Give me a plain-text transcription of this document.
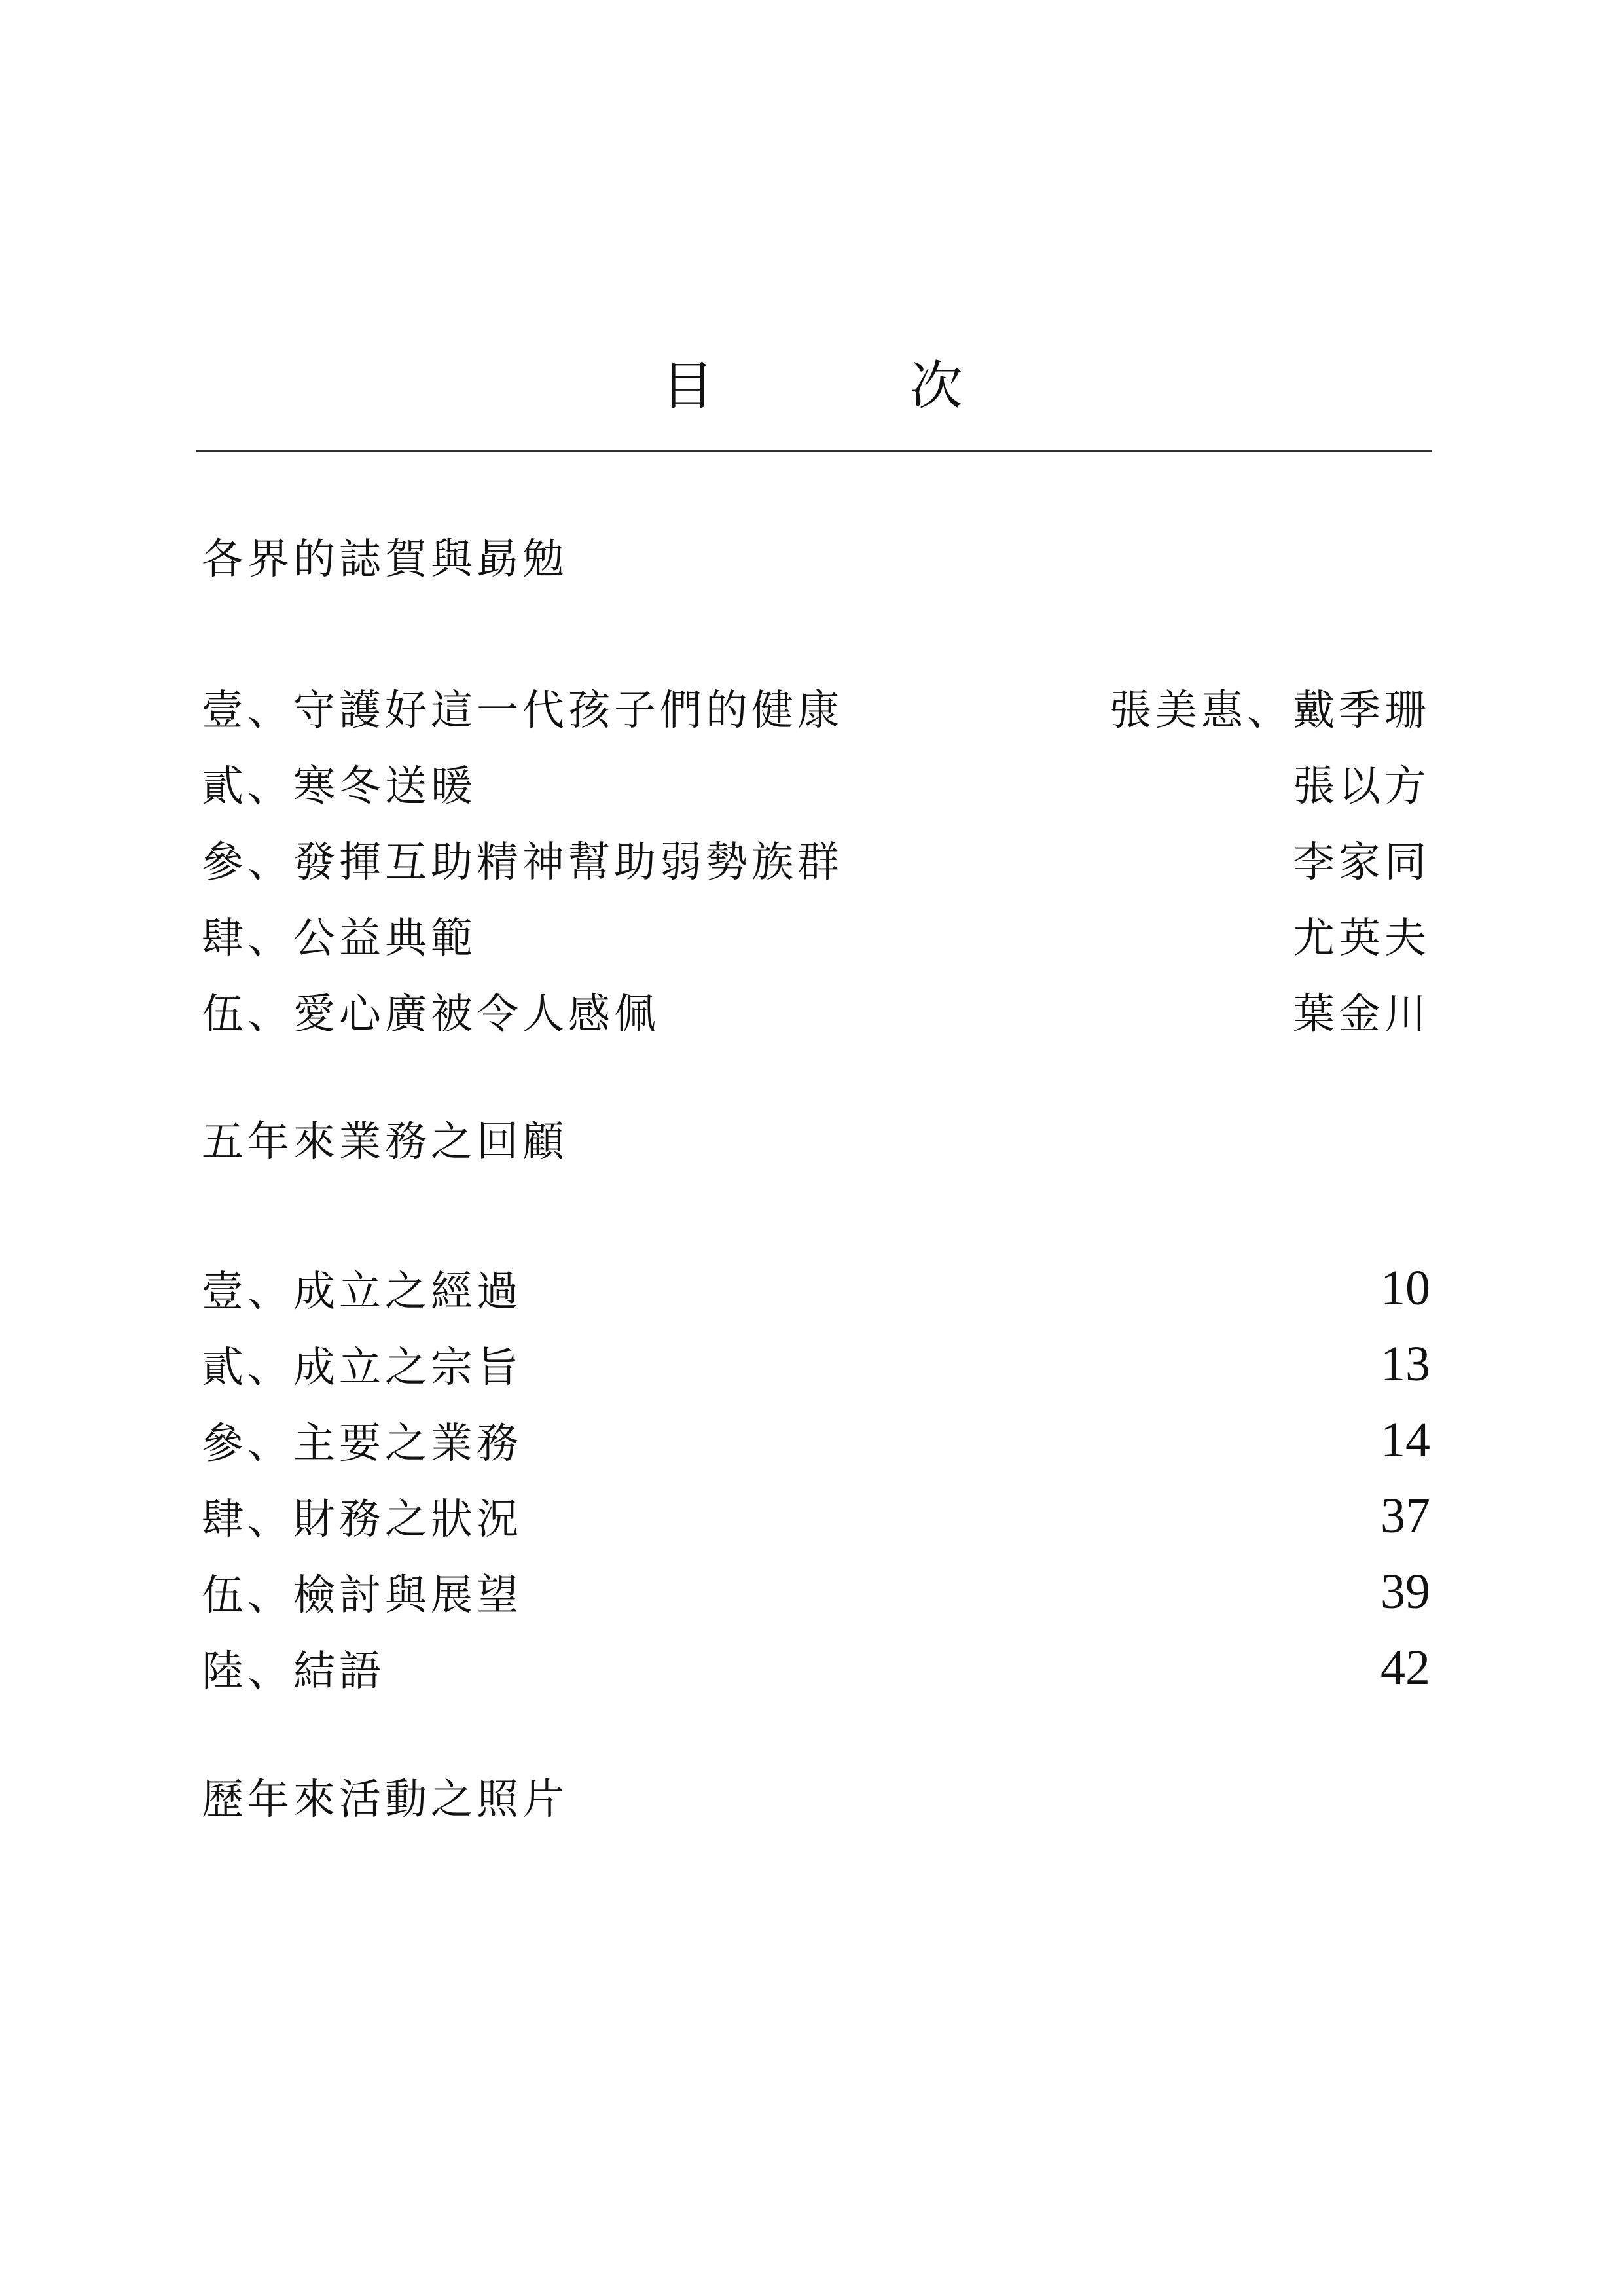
目　次
各界的誌賀與勗勉
壹、守護好這一代孩子們的健康	張美惠、戴季珊
貳、寒冬送暖	張以方
參、發揮互助精神幫助弱勢族群	李家同
肆、公益典範	尤英夫
伍、愛心廣被令人感佩	葉金川
五年來業務之回顧
壹、成立之經過	10
貳、成立之宗旨	13
參、主要之業務	14
肆、財務之狀況	37
伍、檢討與展望	39
陸、結語	42
歷年來活動之照片
